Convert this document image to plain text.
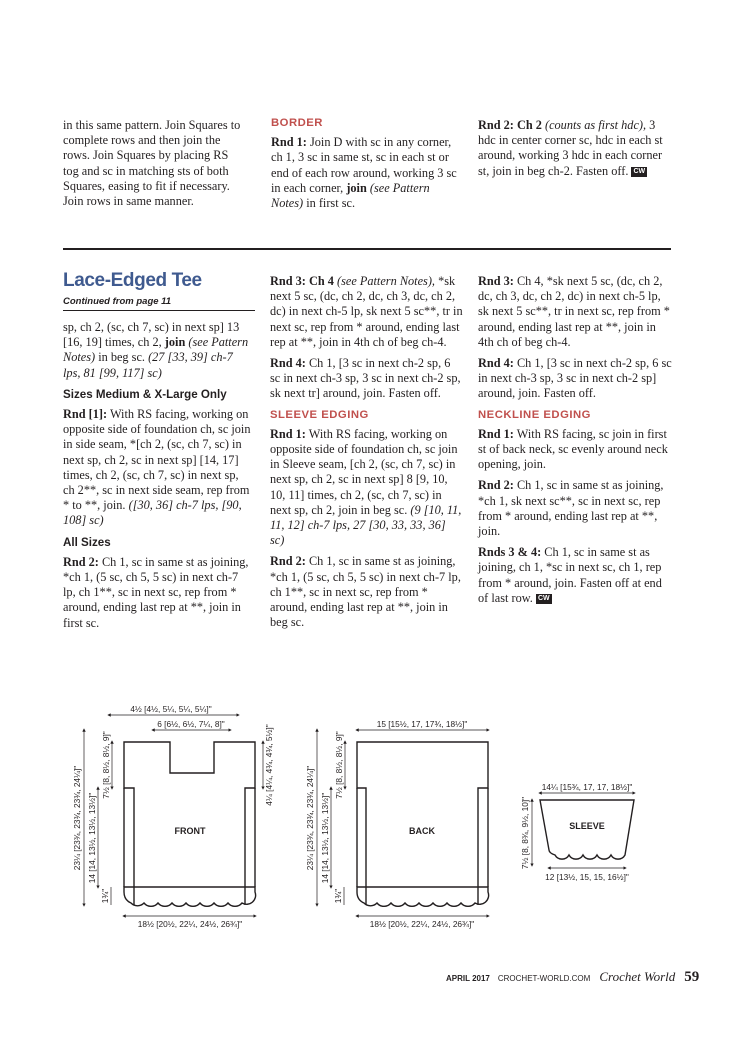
in this same pattern. Join Squares to complete rows and then join the rows. Join Squares by placing RS tog and sc in matching sts of both Squares, easing to fit if necessary. Join rows in same manner.

BORDER

Rnd 1: Join D with sc in any corner, ch 1, 3 sc in same st, sc in each st or end of each row around, working 3 sc in each corner, join (see Pattern Notes) in first sc.

Rnd 2: Ch 2 (counts as first hdc), 3 hdc in center corner sc, hdc in each st around, working 3 hdc in each corner st, join in beg ch-2. Fasten off. CW

Lace-Edged Tee
Continued from page 11

sp, ch 2, (sc, ch 7, sc) in next sp] 13 [16, 19] times, ch 2, join (see Pattern Notes) in beg sc. (27 [33, 39] ch-7 lps, 81 [99, 117] sc)

Sizes Medium & X-Large Only

Rnd [1]: With RS facing, working on opposite side of foundation ch, sc join in side seam, *[ch 2, (sc, ch 7, sc) in next sp, ch 2, sc in next sp] [14, 17] times, ch 2, (sc, ch 7, sc) in next sp, ch 2**, sc in next side seam, rep from * to **, join. ([30, 36] ch-7 lps, [90, 108] sc)

All Sizes

Rnd 2: Ch 1, sc in same st as joining, *ch 1, (5 sc, ch 5, 5 sc) in next ch-7 lp, ch 1**, sc in next sc, rep from * around, ending last rep at **, join in first sc.

Rnd 3: Ch 4 (see Pattern Notes), *sk next 5 sc, (dc, ch 2, dc, ch 3, dc, ch 2, dc) in next ch-5 lp, sk next 5 sc**, tr in next sc, rep from * around, ending last rep at **, join in 4th ch of beg ch-4.

Rnd 4: Ch 1, [3 sc in next ch-2 sp, 6 sc in next ch-3 sp, 3 sc in next ch-2 sp, sk next tr] around, join. Fasten off.

SLEEVE EDGING

Rnd 1: With RS facing, working on opposite side of foundation ch, sc join in Sleeve seam, [ch 2, (sc, ch 7, sc) in next sp, ch 2, sc in next sp] 8 [9, 10, 10, 11] times, ch 2, (sc, ch 7, sc) in next sp, ch 2, join in beg sc. (9 [10, 11, 11, 12] ch-7 lps, 27 [30, 33, 33, 36] sc)

Rnd 2: Ch 1, sc in same st as joining, *ch 1, (5 sc, ch 5, 5 sc) in next ch-7 lp, ch 1**, sc in next sc, rep from * around, ending last rep at **, join in beg sc.

Rnd 3: Ch 4, *sk next 5 sc, (dc, ch 2, dc, ch 3, dc, ch 2, dc) in next ch-5 lp, sk next 5 sc**, tr in next sc, rep from * around, ending last rep at **, join in 4th ch of beg ch-4.

Rnd 4: Ch 1, [3 sc in next ch-2 sp, 6 sc in next ch-3 sp, 3 sc in next ch-2 sp] around, join. Fasten off.

NECKLINE EDGING

Rnd 1: With RS facing, sc join in first st of back neck, sc evenly around neck opening, join.

Rnd 2: Ch 1, sc in same st as joining, *ch 1, sk next sc**, sc in next sc, rep from * around, ending last rep at **, join.

Rnds 3 & 4: Ch 1, sc in same st as joining, ch 1, *sc in next sc, ch 1, rep from * around, join. Fasten off at end of last row. CW

FRONT
4½ [4½, 5¼, 5¼, 5¼]"
6 [6½, 6½, 7¼, 8]"
4¼ [4¼, 4¾, 4¾, 5½]"
7½ [8, 8½, 8½, 9]"
14 [14, 13½, 13½, 13½]"
23¼ [23¾, 23¾, 23¾, 24¼]"
1¾"
18½ [20½, 22¼, 24½, 26¾]"
BACK
15 [15½, 17, 17¾, 18½]"
7½ [8, 8½, 8½, 9]"
14 [14, 13½, 13½, 13½]"
23¼ [23¾, 23¾, 23¾, 24¼]"
1¾"
18½ [20½, 22¼, 24½, 26¾]"
SLEEVE
14¼ [15¾, 17, 17, 18½]"
7½ [8, 8¾, 9½, 10]"
12 [13½, 15, 15, 16½]"
APRIL 2017 CROCHET-WORLD.COM Crochet World 59
